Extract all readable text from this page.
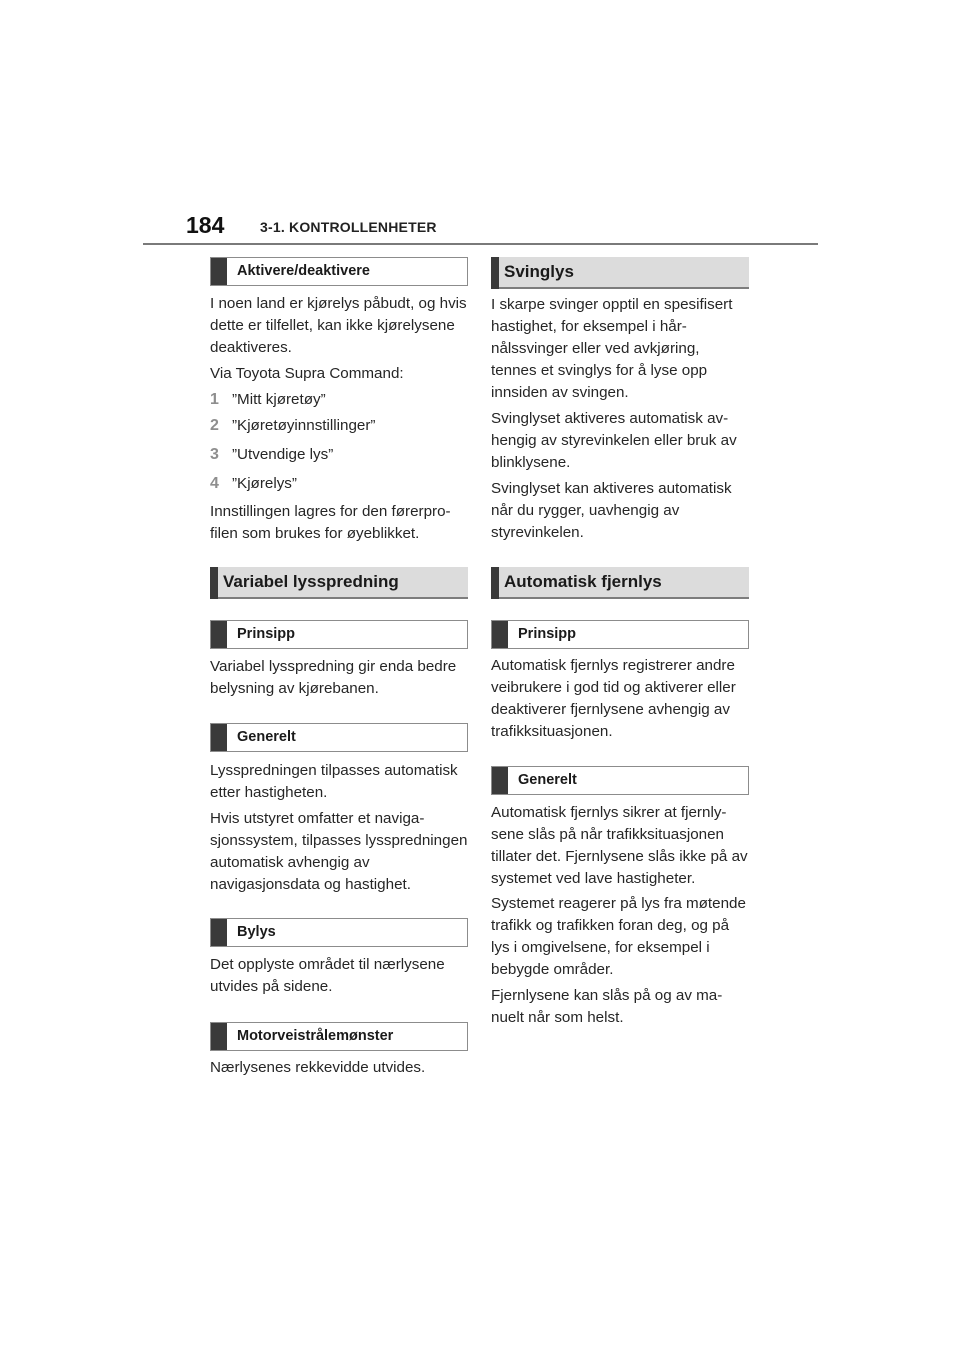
184	3-1. KONTROLLENHETER
Aktivere/deaktivere
I noen land er kjørelys påbudt, og hvis dette er tilfellet, kan ikke kjørelysene deaktiveres.
Via Toyota Supra Command:
1 ”Mitt kjøretøy”
2 ”Kjøretøyinnstillinger”
3 ”Utvendige lys”
4 ”Kjørelys”
Innstillingen lagres for den førerprofilen som brukes for øyeblikket.
Variabel lysspredning
Prinsipp
Variabel lysspredning gir enda bedre belysning av kjørebanen.
Generelt
Lysspredningen tilpasses automatisk etter hastigheten.
Hvis utstyret omfatter et navigasjonssystem, tilpasses lysspredningen automatisk avhengig av navigasjonsdata og hastighet.
Bylys
Det opplyste området til nærlysene utvides på sidene.
Motorveistrålemønster
Nærlysenes rekkevidde utvides.
Svinglys
I skarpe svinger opptil en spesifisert hastighet, for eksempel i hårnålssvinger eller ved avkjøring, tennes et svinglys for å lyse opp innsiden av svingen.
Svinglyset aktiveres automatisk avhengig av styrevinkelen eller bruk av blinklysene.
Svinglyset kan aktiveres automatisk når du rygger, uavhengig av styrevinkelen.
Automatisk fjernlys
Prinsipp
Automatisk fjernlys registrerer andre veibrukere i god tid og aktiverer eller deaktiverer fjernlysene avhengig av trafikksituasjonen.
Generelt
Automatisk fjernlys sikrer at fjernlysene slås på når trafikksituasjonen tillater det. Fjernlysene slås ikke på av systemet ved lave hastigheter.
Systemet reagerer på lys fra møtende trafikk og trafikken foran deg, og på lys i omgivelsene, for eksempel i bebygde områder.
Fjernlysene kan slås på og av manuelt når som helst.
